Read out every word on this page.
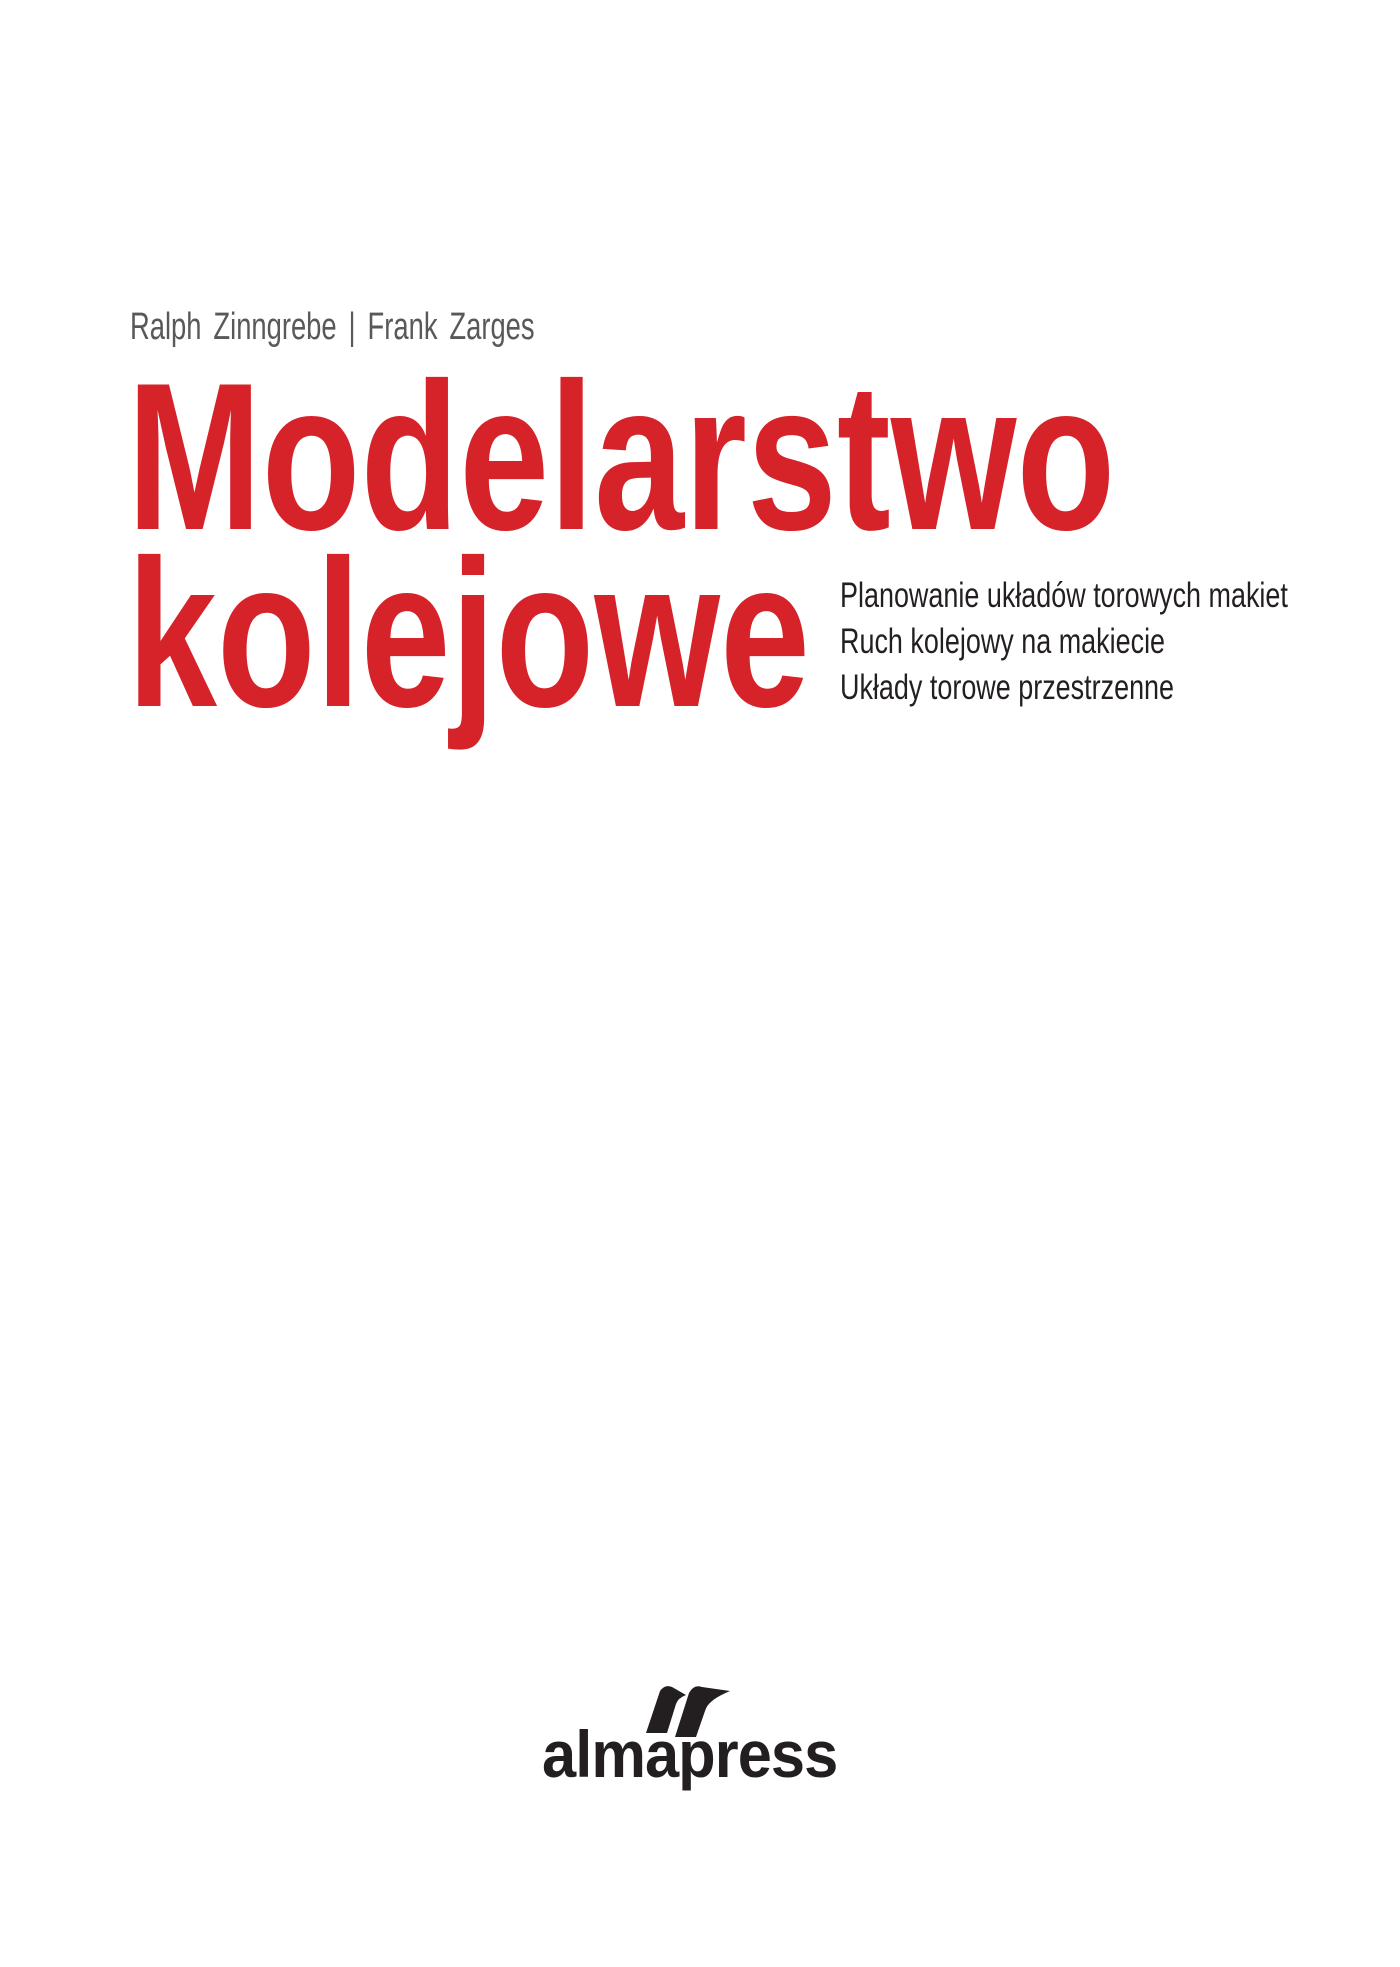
Ralph Zinngrebe | Frank Zarges
Modelarstwo
kolejowe Planowanie układów torowych makiet
Ruch kolejowy na makiecie
Układy torowe przestrzenne
almapress
